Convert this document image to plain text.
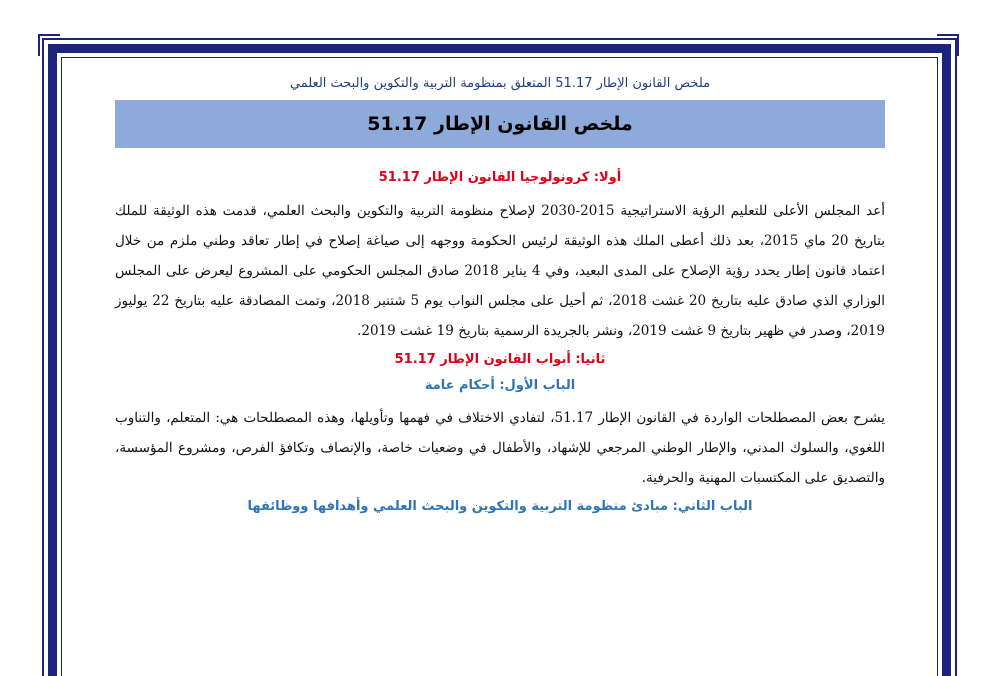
ملخص القانون الإطار 51.17 المتعلق بمنظومة التربية والتكوين والبحث العلمي
ملخص القانون الإطار 51.17
أولا: كرونولوجيا القانون الإطار 51.17

أعد المجلس الأعلى للتعليم الرؤية الاستراتيجية 2015-2030 لإصلاح منظومة التربية والتكوين والبحث العلمي، قدمت هذه الوثيقة للملك بتاريخ 20 ماي 2015، بعد ذلك أعطى الملك هذه الوثيقة لرئيس الحكومة ووجهه إلى صياغة إصلاح في إطار تعاقد وطني ملزم من خلال اعتماد قانون إطار يحدد رؤية الإصلاح على المدى البعيد، وفي 4 يناير 2018 صادق المجلس الحكومي على المشروع ليعرض على المجلس الوزاري الذي صادق عليه بتاريخ 20 غشت 2018، ثم أحيل على مجلس النواب يوم 5 شتنبر 2018، وتمت المصادقة عليه بتاريخ 22 يوليوز 2019، وصدر في ظهير بتاريخ 9 غشت 2019، ونشر بالجريدة الرسمية بتاريخ 19 غشت 2019.

ثانيا: أبواب القانون الإطار 51.17
الباب الأول: أحكام عامة

يشرح بعض المصطلحات الواردة في القانون الإطار 51.17، لتفادي الاختلاف في فهمها وتأويلها، وهذه المصطلحات هي: المتعلم، والتناوب اللغوي، والسلوك المدني، والإطار الوطني المرجعي للإشهاد، والأطفال في وضعيات خاصة، والإنصاف وتكافؤ الفرص، ومشروع المؤسسة، والتصديق على المكتسبات المهنية والحرفية.

الباب الثاني: مبادئ منظومة التربية والتكوين والبحث العلمي وأهدافها ووظائفها
